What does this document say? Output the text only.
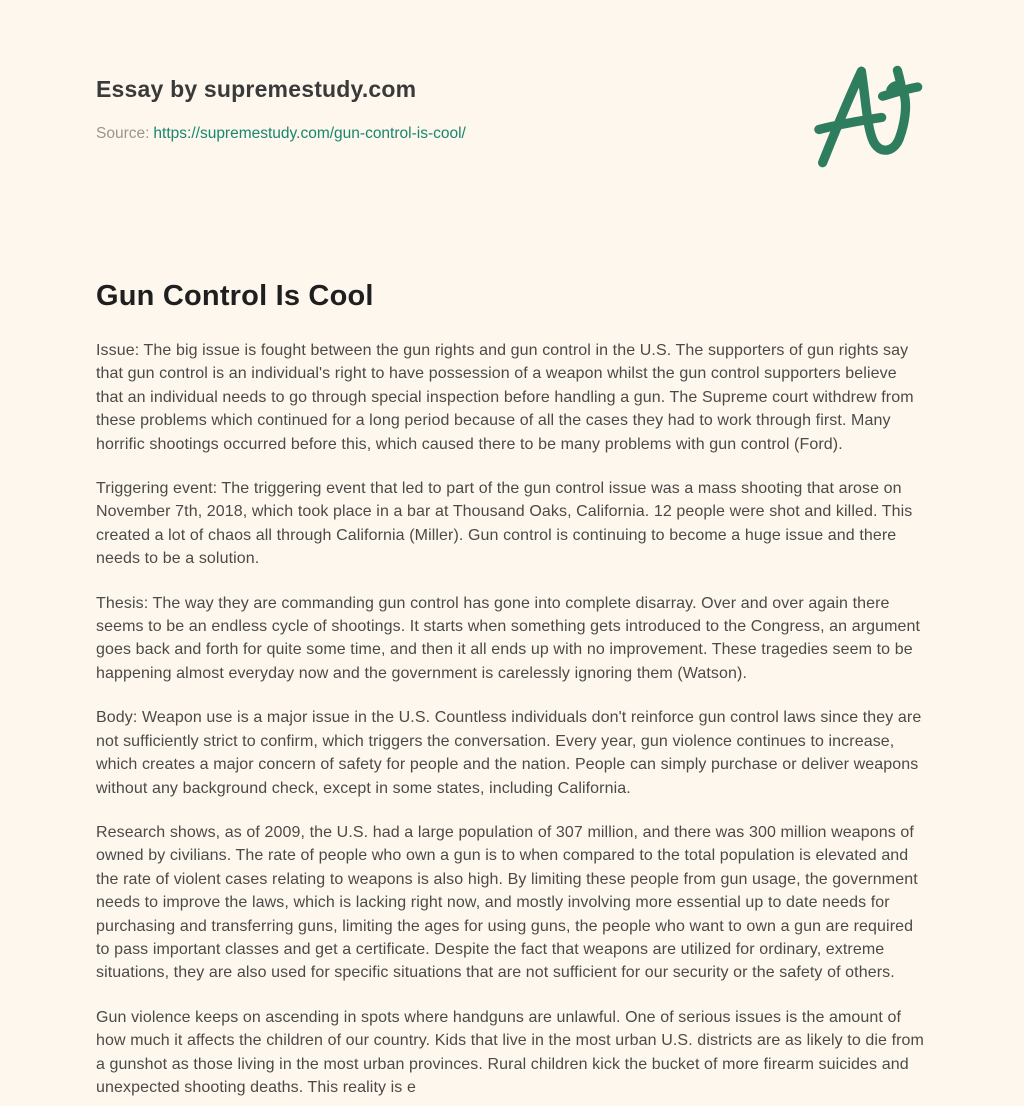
Essay by supremestudy.com

Source: https://supremestudy.com/gun-control-is-cool/

Gun Control Is Cool

Issue: The big issue is fought between the gun rights and gun control in the U.S. The supporters of gun rights say that gun control is an individual's right to have possession of a weapon whilst the gun control supporters believe that an individual needs to go through special inspection before handling a gun. The Supreme court withdrew from these problems which continued for a long period because of all the cases they had to work through first. Many horrific shootings occurred before this, which caused there to be many problems with gun control (Ford).

Triggering event: The triggering event that led to part of the gun control issue was a mass shooting that arose on November 7th, 2018, which took place in a bar at Thousand Oaks, California. 12 people were shot and killed. This created a lot of chaos all through California (Miller). Gun control is continuing to become a huge issue and there needs to be a solution.

Thesis: The way they are commanding gun control has gone into complete disarray. Over and over again there seems to be an endless cycle of shootings. It starts when something gets introduced to the Congress, an argument goes back and forth for quite some time, and then it all ends up with no improvement. These tragedies seem to be happening almost everyday now and the government is carelessly ignoring them (Watson).

Body: Weapon use is a major issue in the U.S. Countless individuals don't reinforce gun control laws since they are not sufficiently strict to confirm, which triggers the conversation. Every year, gun violence continues to increase, which creates a major concern of safety for people and the nation. People can simply purchase or deliver weapons without any background check, except in some states, including California.

Research shows, as of 2009, the U.S. had a large population of 307 million, and there was 300 million weapons of owned by civilians. The rate of people who own a gun is to when compared to the total population is elevated and the rate of violent cases relating to weapons is also high. By limiting these people from gun usage, the government needs to improve the laws, which is lacking right now, and mostly involving more essential up to date needs for purchasing and transferring guns, limiting the ages for using guns, the people who want to own a gun are required to pass important classes and get a certificate. Despite the fact that weapons are utilized for ordinary, extreme situations, they are also used for specific situations that are not sufficient for our security or the safety of others.

Gun violence keeps on ascending in spots where handguns are unlawful. One of serious issues is the amount of how much it affects the children of our country. Kids that live in the most urban U.S. districts are as likely to die from a gunshot as those living in the most urban provinces. Rural children kick the bucket of more firearm suicides and unexpected shooting deaths. This reality is e
